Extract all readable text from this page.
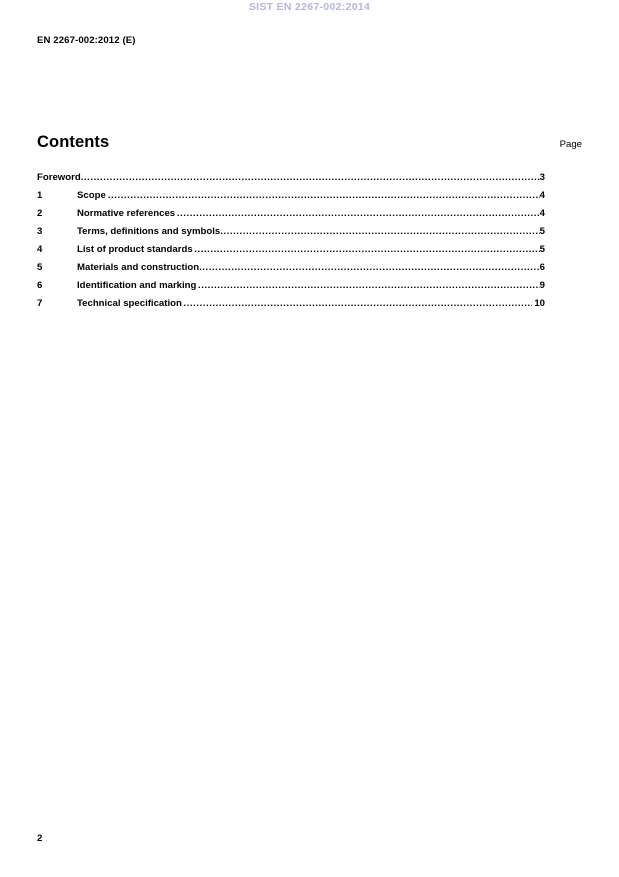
SIST EN 2267-002:2014
EN 2267-002:2012 (E)
Contents	Page
Foreword .....	3
1	Scope .....	4
2	Normative references .....	4
3	Terms, definitions and symbols .....	5
4	List of product standards .....	5
5	Materials and construction .....	6
6	Identification and marking .....	9
7	Technical specification .....	10
2
